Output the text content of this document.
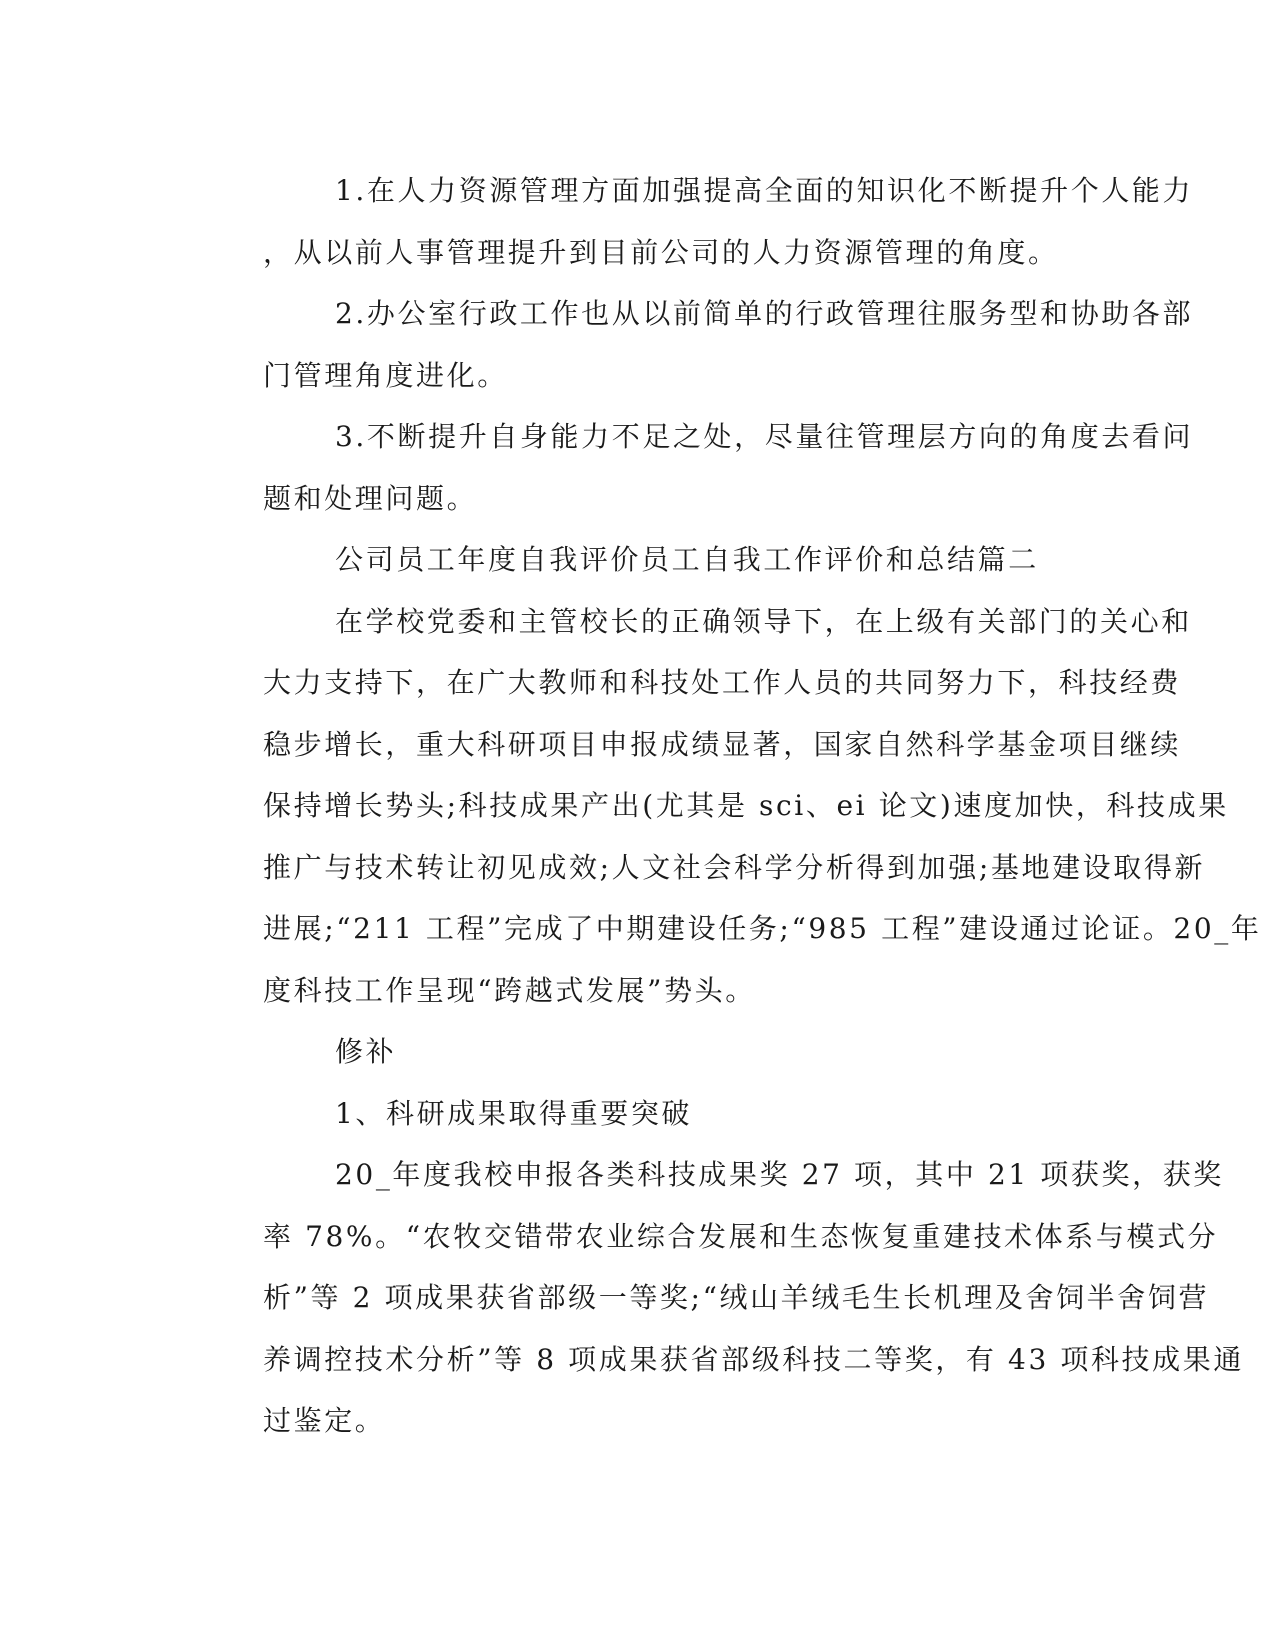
1.在人力资源管理方面加强提高全面的知识化不断提升个人能力
，从以前人事管理提升到目前公司的人力资源管理的角度。
2.办公室行政工作也从以前简单的行政管理往服务型和协助各部
门管理角度进化。
3.不断提升自身能力不足之处，尽量往管理层方向的角度去看问
题和处理问题。
公司员工年度自我评价员工自我工作评价和总结篇二
在学校党委和主管校长的正确领导下，在上级有关部门的关心和
大力支持下，在广大教师和科技处工作人员的共同努力下，科技经费
稳步增长，重大科研项目申报成绩显著，国家自然科学基金项目继续
保持增长势头;科技成果产出(尤其是 sci、ei 论文)速度加快，科技成果
推广与技术转让初见成效;人文社会科学分析得到加强;基地建设取得新
进展;“211 工程”完成了中期建设任务;“985 工程”建设通过论证。20_年
度科技工作呈现“跨越式发展”势头。
修补
1、科研成果取得重要突破
20_年度我校申报各类科技成果奖 27 项，其中 21 项获奖，获奖
率 78%。“农牧交错带农业综合发展和生态恢复重建技术体系与模式分
析”等 2 项成果获省部级一等奖;“绒山羊绒毛生长机理及舍饲半舍饲营
养调控技术分析”等 8 项成果获省部级科技二等奖，有 43 项科技成果通
过鉴定。
